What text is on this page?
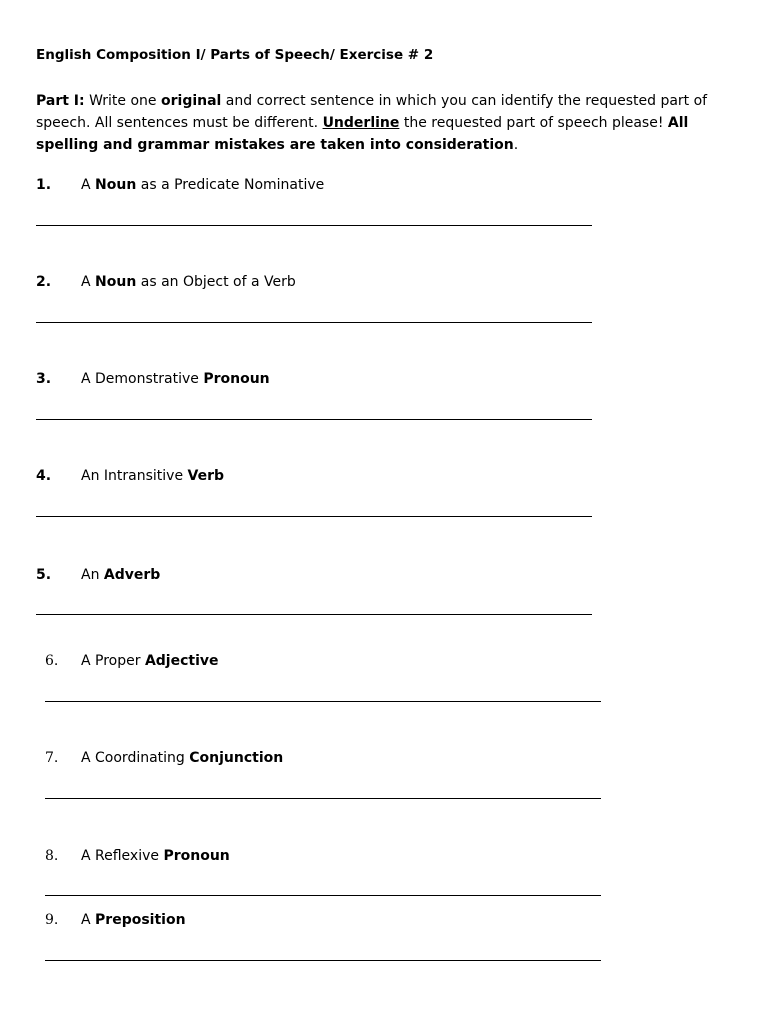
English Composition I/ Parts of Speech/ Exercise # 2
Part I: Write one original and correct sentence in which you can identify the requested part of speech. All sentences must be different. Underline the requested part of speech please! All spelling and grammar mistakes are taken into consideration.
1. A Noun as a Predicate Nominative
2. A Noun as an Object of a Verb
3. A Demonstrative Pronoun
4. An Intransitive Verb
5. An Adverb
6. A Proper Adjective
7. A Coordinating Conjunction
8. A Reflexive Pronoun
9. A Preposition
